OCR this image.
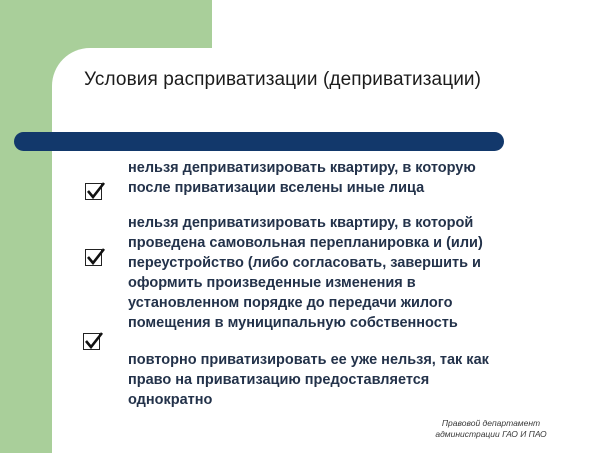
Условия расприватизации (деприватизации)
нельзя деприватизировать квартиру, в которую
после приватизации вселены иные лица
нельзя деприватизировать квартиру, в которой
проведена самовольная перепланировка и (или)
переустройство (либо согласовать, завершить и
оформить произведенные изменения в
установленном порядке до передачи жилого
помещения в муниципальную собственность
повторно приватизировать ее уже нельзя, так как
право на приватизацию предоставляется
однократно
Правовой департамент
администрации ГАО И ПАО
